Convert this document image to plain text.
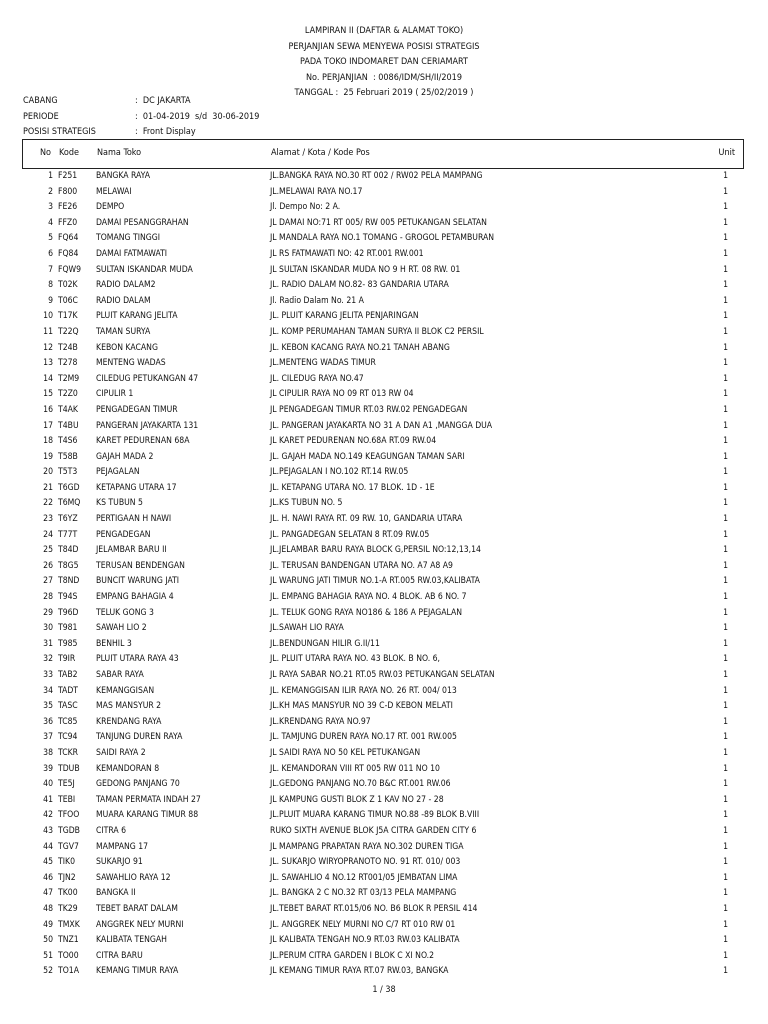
LAMPIRAN II (DAFTAR & ALAMAT TOKO)
PERJANJIAN SEWA MENYEWA POSISI STRATEGIS
PADA TOKO INDOMARET DAN CERIAMART
No. PERJANJIAN  : 0086/IDM/SH/II/2019
TANGGAL :  25 Februari 2019 ( 25/02/2019 )
CABANG	:  DC JAKARTA
PERIODE	:  01-04-2019  s/d  30-06-2019
POSISI STRATEGIS	:  Front Display
No Kode Nama Toko	Alamat / Kota / Kode Pos	Unit
1 F251 BANGKA RAYA	JL.BANGKA RAYA NO.30 RT 002 / RW02 PELA MAMPANG	1
2 F800 MELAWAI	JL.MELAWAI RAYA NO.17	1
3 FE26 DEMPO	Jl. Dempo No: 2 A.	1
4 FFZ0 DAMAI PESANGGRAHAN	JL DAMAI NO:71 RT 005/ RW 005 PETUKANGAN SELATAN	1
5 FQ64 TOMANG TINGGI	JL MANDALA RAYA NO.1 TOMANG - GROGOL PETAMBURAN	1
6 FQ84 DAMAI FATMAWATI	JL RS FATMAWATI NO: 42 RT.001 RW.001	1
7 FQW9 SULTAN ISKANDAR MUDA	JL SULTAN ISKANDAR MUDA NO 9 H RT. 08 RW. 01	1
8 T02K RADIO DALAM2	JL. RADIO DALAM NO.82- 83 GANDARIA UTARA	1
9 T06C RADIO DALAM	Jl. Radio Dalam No. 21 A	1
10 T17K PLUIT KARANG JELITA	JL. PLUIT KARANG JELITA PENJARINGAN	1
11 T22Q TAMAN SURYA	JL. KOMP PERUMAHAN TAMAN SURYA II BLOK C2 PERSIL	1
12 T24B KEBON KACANG	JL. KEBON KACANG RAYA NO.21 TANAH ABANG	1
13 T278 MENTENG WADAS	JL.MENTENG WADAS TIMUR	1
14 T2M9 CILEDUG PETUKANGAN 47	JL. CILEDUG RAYA NO.47	1
15 T2Z0 CIPULIR 1	JL CIPULIR RAYA NO 09 RT 013 RW 04	1
16 T4AK PENGADEGAN TIMUR	JL PENGADEGAN TIMUR RT.03 RW.02 PENGADEGAN	1
17 T4BU PANGERAN JAYAKARTA 131	JL. PANGERAN JAYAKARTA NO 31 A DAN A1 ,MANGGA DUA	1
18 T4S6 KARET PEDURENAN 68A	JL KARET PEDURENAN NO.68A RT.09 RW.04	1
19 T58B GAJAH MADA 2	JL. GAJAH MADA NO.149 KEAGUNGAN TAMAN SARI	1
20 T5T3 PEJAGALAN	JL.PEJAGALAN I NO.102 RT.14 RW.05	1
21 T6GD KETAPANG UTARA 17	JL. KETAPANG UTARA NO. 17 BLOK. 1D - 1E	1
22 T6MQ KS TUBUN 5	JL.KS TUBUN NO. 5	1
23 T6YZ PERTIGAAN H NAWI	JL. H. NAWI RAYA RT. 09 RW. 10, GANDARIA UTARA	1
24 T77T PENGADEGAN	JL. PANGADEGAN SELATAN 8 RT.09 RW.05	1
25 T84D JELAMBAR BARU II	JL.JELAMBAR BARU RAYA BLOCK G,PERSIL NO:12,13,14	1
26 T8G5 TERUSAN BENDENGAN	JL. TERUSAN BANDENGAN UTARA NO. A7 A8 A9	1
27 T8ND BUNCIT WARUNG JATI	JL WARUNG JATI TIMUR NO.1-A RT.005 RW.03,KALIBATA	1
28 T94S EMPANG BAHAGIA 4	JL. EMPANG BAHAGIA RAYA NO. 4 BLOK. AB 6 NO. 7	1
29 T96D TELUK GONG 3	JL. TELUK GONG RAYA NO186 & 186 A PEJAGALAN	1
30 T981 SAWAH LIO 2	JL.SAWAH LIO RAYA	1
31 T985 BENHIL 3	JL.BENDUNGAN HILIR G.II/11	1
32 T9IR PLUIT UTARA RAYA 43	JL. PLUIT UTARA RAYA NO. 43 BLOK. B NO. 6,	1
33 TAB2 SABAR RAYA	JL RAYA SABAR NO.21 RT.05 RW.03 PETUKANGAN SELATAN	1
34 TADT KEMANGGISAN	JL. KEMANGGISAN ILIR RAYA NO. 26 RT. 004/ 013	1
35 TASC MAS MANSYUR 2	JL.KH MAS MANSYUR NO 39 C-D KEBON MELATI	1
36 TC85 KRENDANG RAYA	JL.KRENDANG RAYA NO.97	1
37 TC94 TANJUNG DUREN RAYA	JL. TAMJUNG DUREN RAYA NO.17 RT. 001 RW.005	1
38 TCKR SAIDI RAYA 2	JL SAIDI RAYA NO 50 KEL PETUKANGAN	1
39 TDUB KEMANDORAN 8	JL. KEMANDORAN VIII RT 005 RW 011 NO 10	1
40 TE5J GEDONG PANJANG 70	JL.GEDONG PANJANG NO.70 B&C RT.001 RW.06	1
41 TEBI TAMAN PERMATA INDAH 27	JL KAMPUNG GUSTI BLOK Z 1 KAV NO 27 - 28	1
42 TFOO MUARA KARANG TIMUR 88	JL.PLUIT MUARA KARANG TIMUR NO.88 -89 BLOK B.VIII	1
43 TGDB CITRA 6	RUKO SIXTH AVENUE BLOK J5A CITRA GARDEN CITY 6	1
44 TGV7 MAMPANG 17	JL MAMPANG PRAPATAN RAYA NO.302 DUREN TIGA	1
45 TIK0 SUKARJO 91	JL. SUKARJO WIRYOPRANOTO NO. 91 RT. 010/ 003	1
46 TJN2 SAWAHLIO RAYA 12	JL. SAWAHLIO 4 NO.12 RT001/05 JEMBATAN LIMA	1
47 TK00 BANGKA II	JL. BANGKA 2 C NO.32 RT 03/13 PELA MAMPANG	1
48 TK29 TEBET BARAT DALAM	JL.TEBET BARAT RT.015/06 NO. B6 BLOK R PERSIL 414	1
49 TMXK ANGGREK NELY MURNI	JL. ANGGREK NELY MURNI NO C/7 RT 010 RW 01	1
50 TNZ1 KALIBATA TENGAH	JL KALIBATA TENGAH NO.9 RT.03 RW.03 KALIBATA	1
51 TO00 CITRA BARU	JL.PERUM CITRA GARDEN I BLOK C XI NO.2	1
52 TO1A KEMANG TIMUR RAYA	JL KEMANG TIMUR RAYA RT.07 RW.03, BANGKA	1
1 / 38
